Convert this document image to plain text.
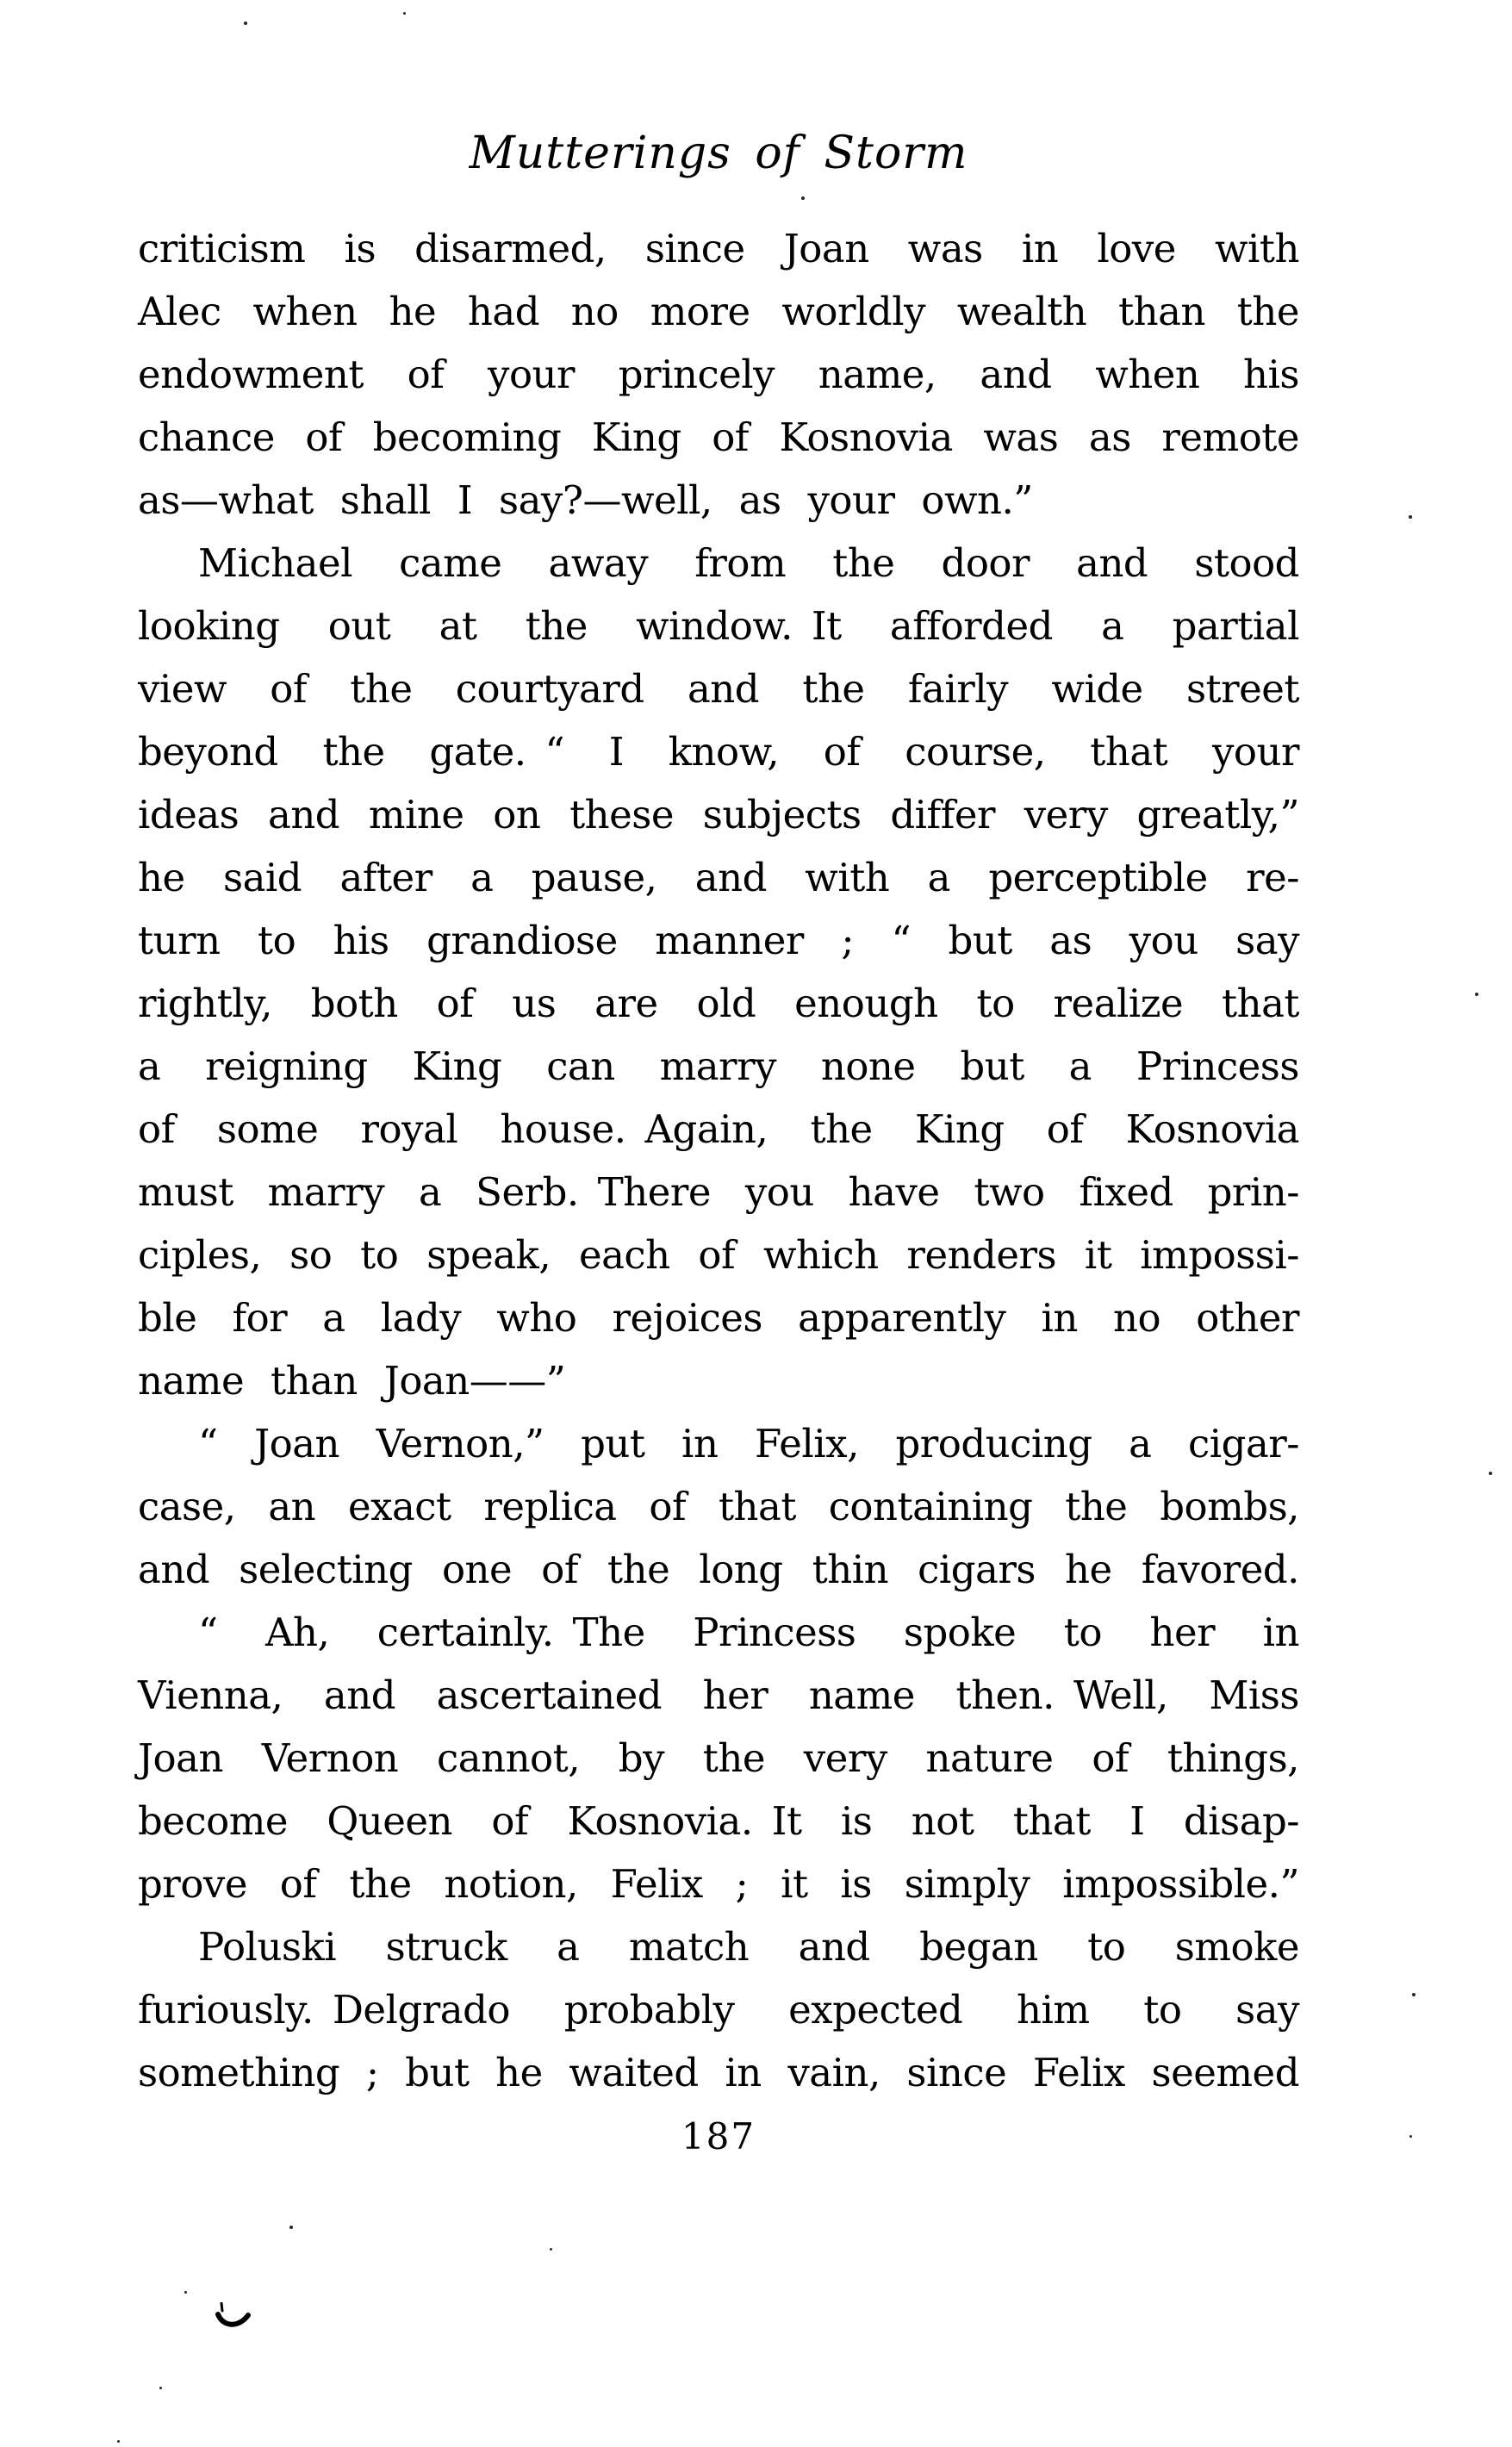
Mutterings of Storm
criticism is disarmed, since Joan was in love with
Alec when he had no more worldly wealth than the
endowment of your princely name, and when his
chance of becoming King of Kosnovia was as remote
as—what shall I say?—well, as your own.”
Michael came away from the door and stood
looking out at the window. It afforded a partial
view of the courtyard and the fairly wide street
beyond the gate. “ I know, of course, that your
ideas and mine on these subjects differ very greatly,”
he said after a pause, and with a perceptible re-
turn to his grandiose manner ; “ but as you say
rightly, both of us are old enough to realize that
a reigning King can marry none but a Princess
of some royal house. Again, the King of Kosnovia
must marry a Serb. There you have two fixed prin-
ciples, so to speak, each of which renders it impossi-
ble for a lady who rejoices apparently in no other
name than Joan——”
“ Joan Vernon,” put in Felix, producing a cigar-
case, an exact replica of that containing the bombs,
and selecting one of the long thin cigars he favored.
“ Ah, certainly. The Princess spoke to her in
Vienna, and ascertained her name then. Well, Miss
Joan Vernon cannot, by the very nature of things,
become Queen of Kosnovia. It is not that I disap-
prove of the notion, Felix ; it is simply impossible.”
Poluski struck a match and began to smoke
furiously. Delgrado probably expected him to say
something ; but he waited in vain, since Felix seemed
187
